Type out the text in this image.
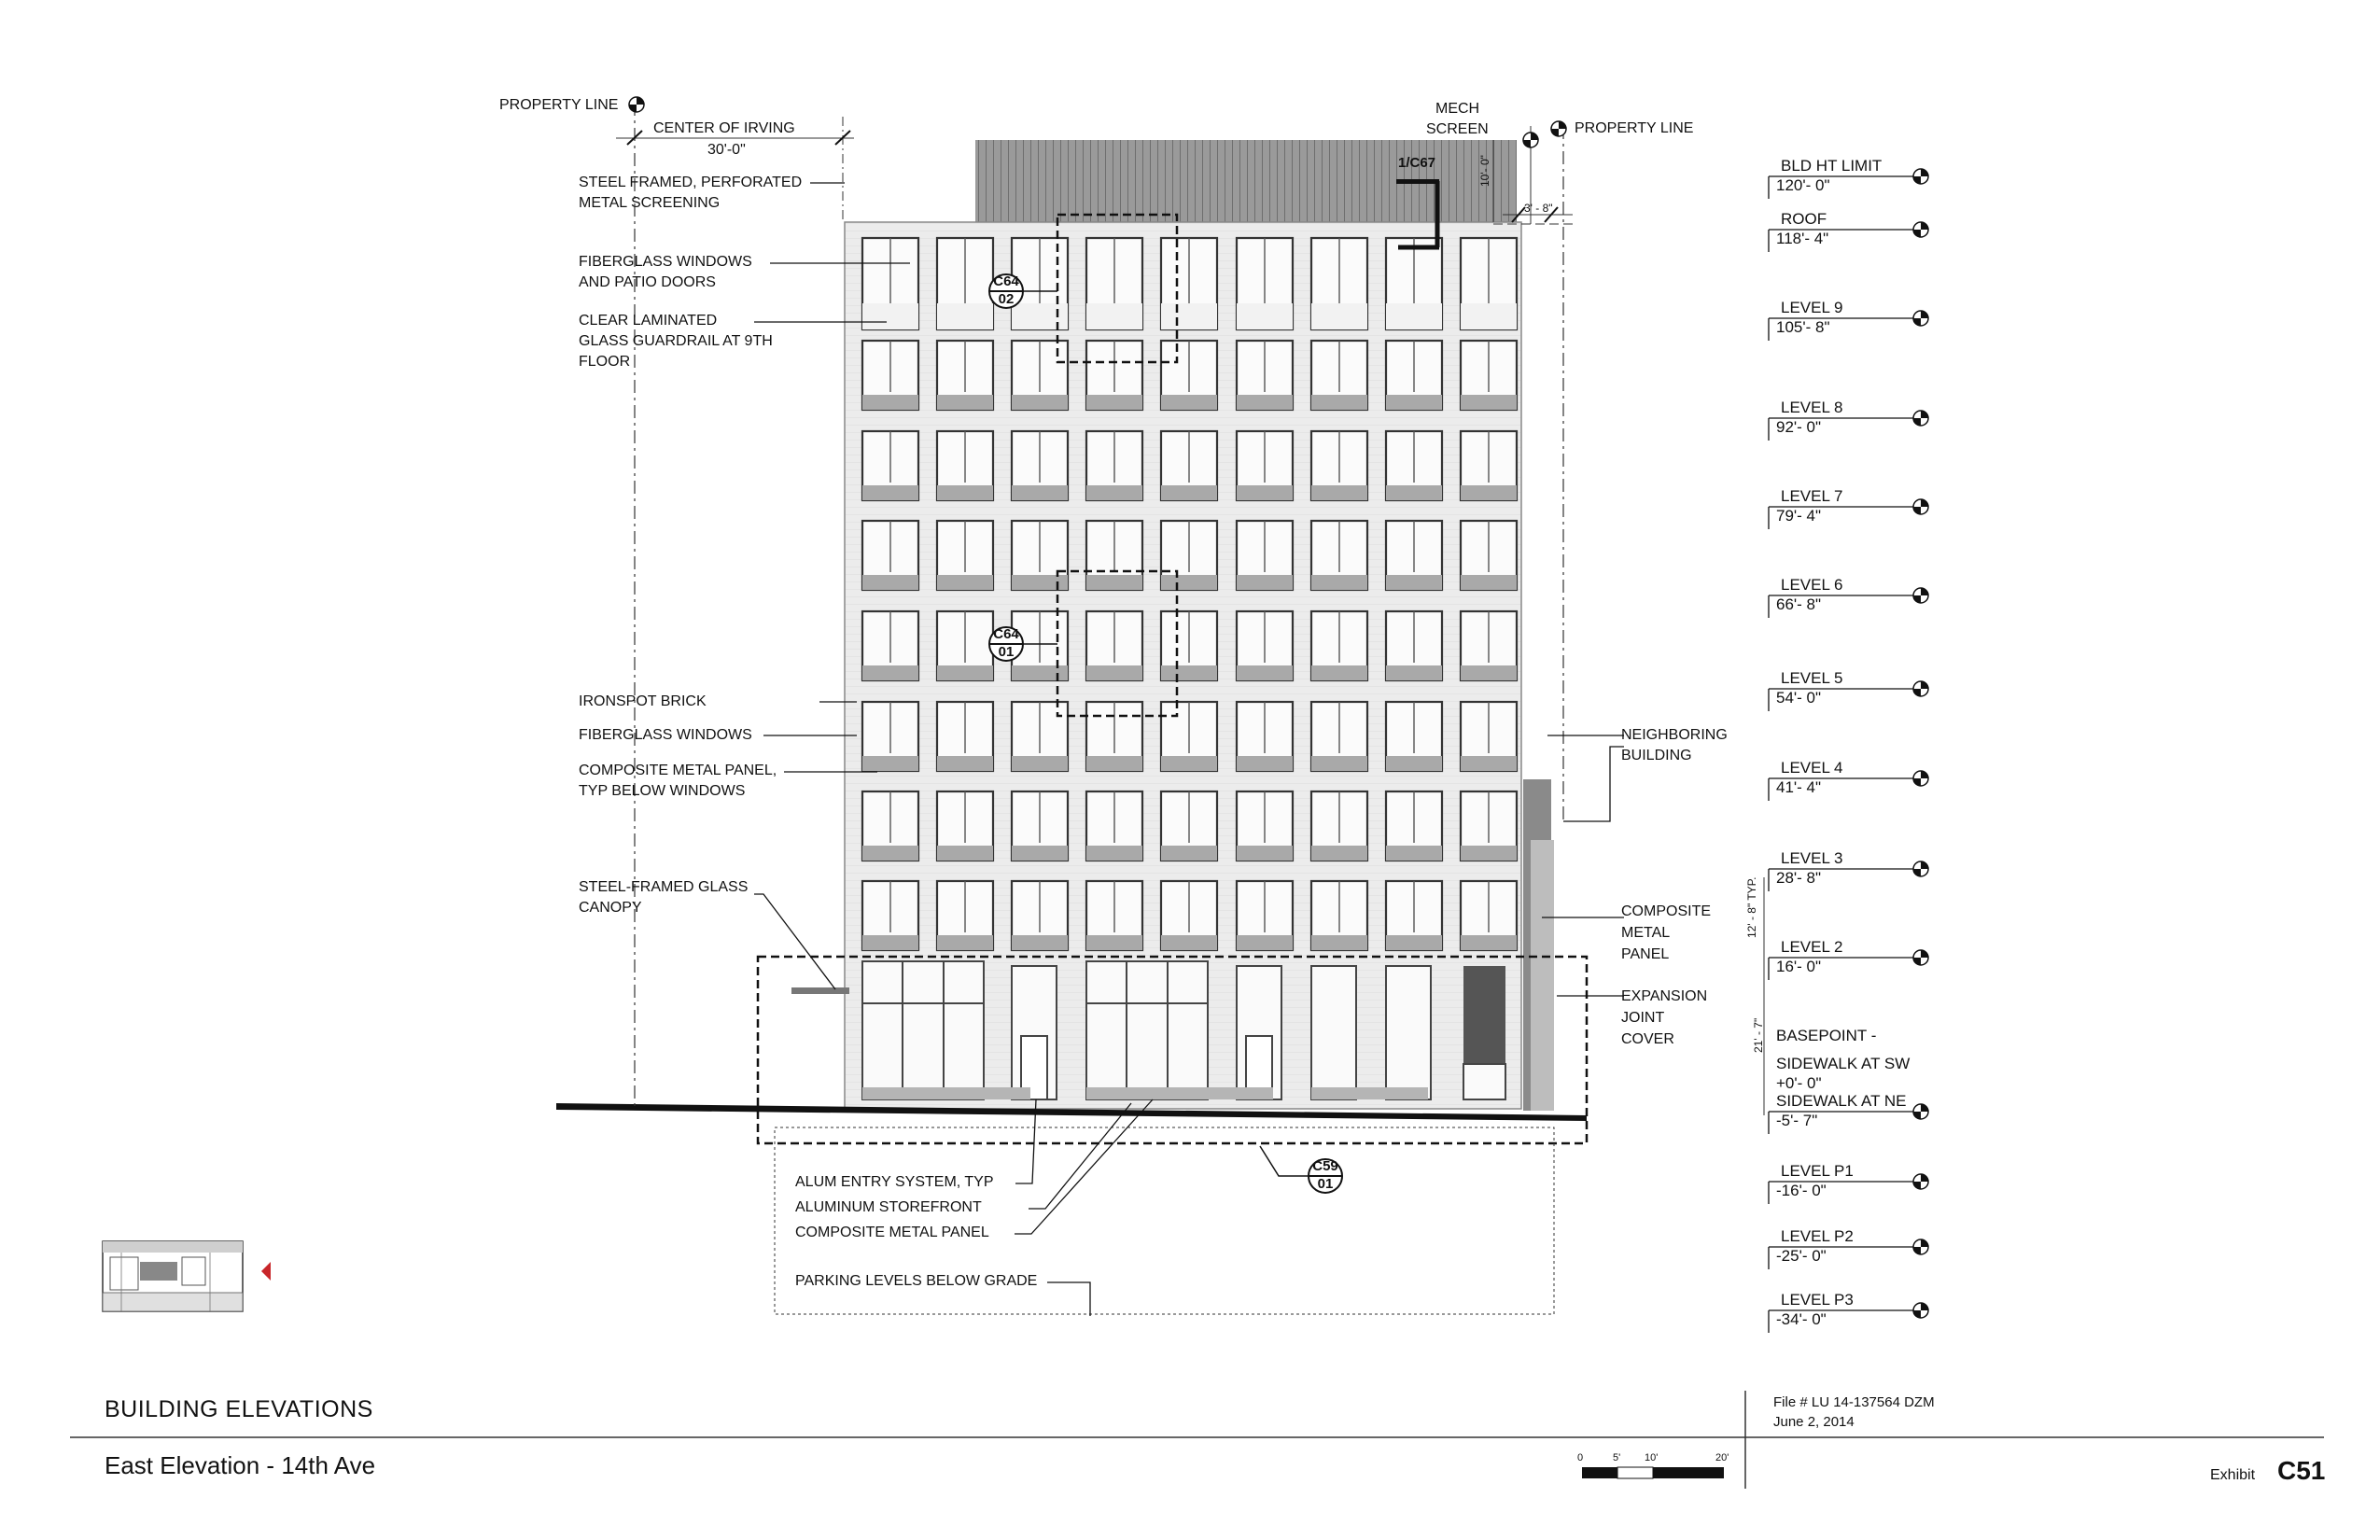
PROPERTY LINE
CENTER OF IRVING
30'-0"
MECH
SCREEN	PROPERTY LINE
10'- 0"
3' - 8"
12' - 8" TYP.
21' - 7"
STEEL FRAMED, PERFORATED
METAL SCREENING
FIBERGLASS WINDOWS
AND PATIO DOORS
CLEAR LAMINATED
GLASS GUARDRAIL AT 9TH
FLOOR
IRONSPOT BRICK
FIBERGLASS WINDOWS
COMPOSITE METAL PANEL,
TYP BELOW WINDOWS
STEEL-FRAMED GLASS
CANOPY
NEIGHBORING
BUILDING
COMPOSITE
METAL
PANEL
EXPANSION
JOINT
COVER
ALUM ENTRY SYSTEM, TYP
ALUMINUM STOREFRONT
COMPOSITE METAL PANEL
PARKING LEVELS BELOW GRADE
1/C67
C64
02
C64
01
C59
01
BLD HT LIMIT
120'- 0"
ROOF
118'- 4"
LEVEL 9
105'- 8"
LEVEL 8
92'- 0"
LEVEL 7
79'- 4"
LEVEL 6
66'- 8"
LEVEL 5
54'- 0"
LEVEL 4
41'- 4"
LEVEL 3
28'- 8"
LEVEL 2
16'- 0"
BASEPOINT -
SIDEWALK AT SW
+0'- 0"
SIDEWALK AT NE
-5'- 7"
LEVEL P1
-16'- 0"
LEVEL P2
-25'- 0"
LEVEL P3
-34'- 0"
BUILDING ELEVATIONS
East Elevation - 14th Ave
File # LU 14-137564 DZM
June 2, 2014
Exhibit C51
0	5' 10'	20'
